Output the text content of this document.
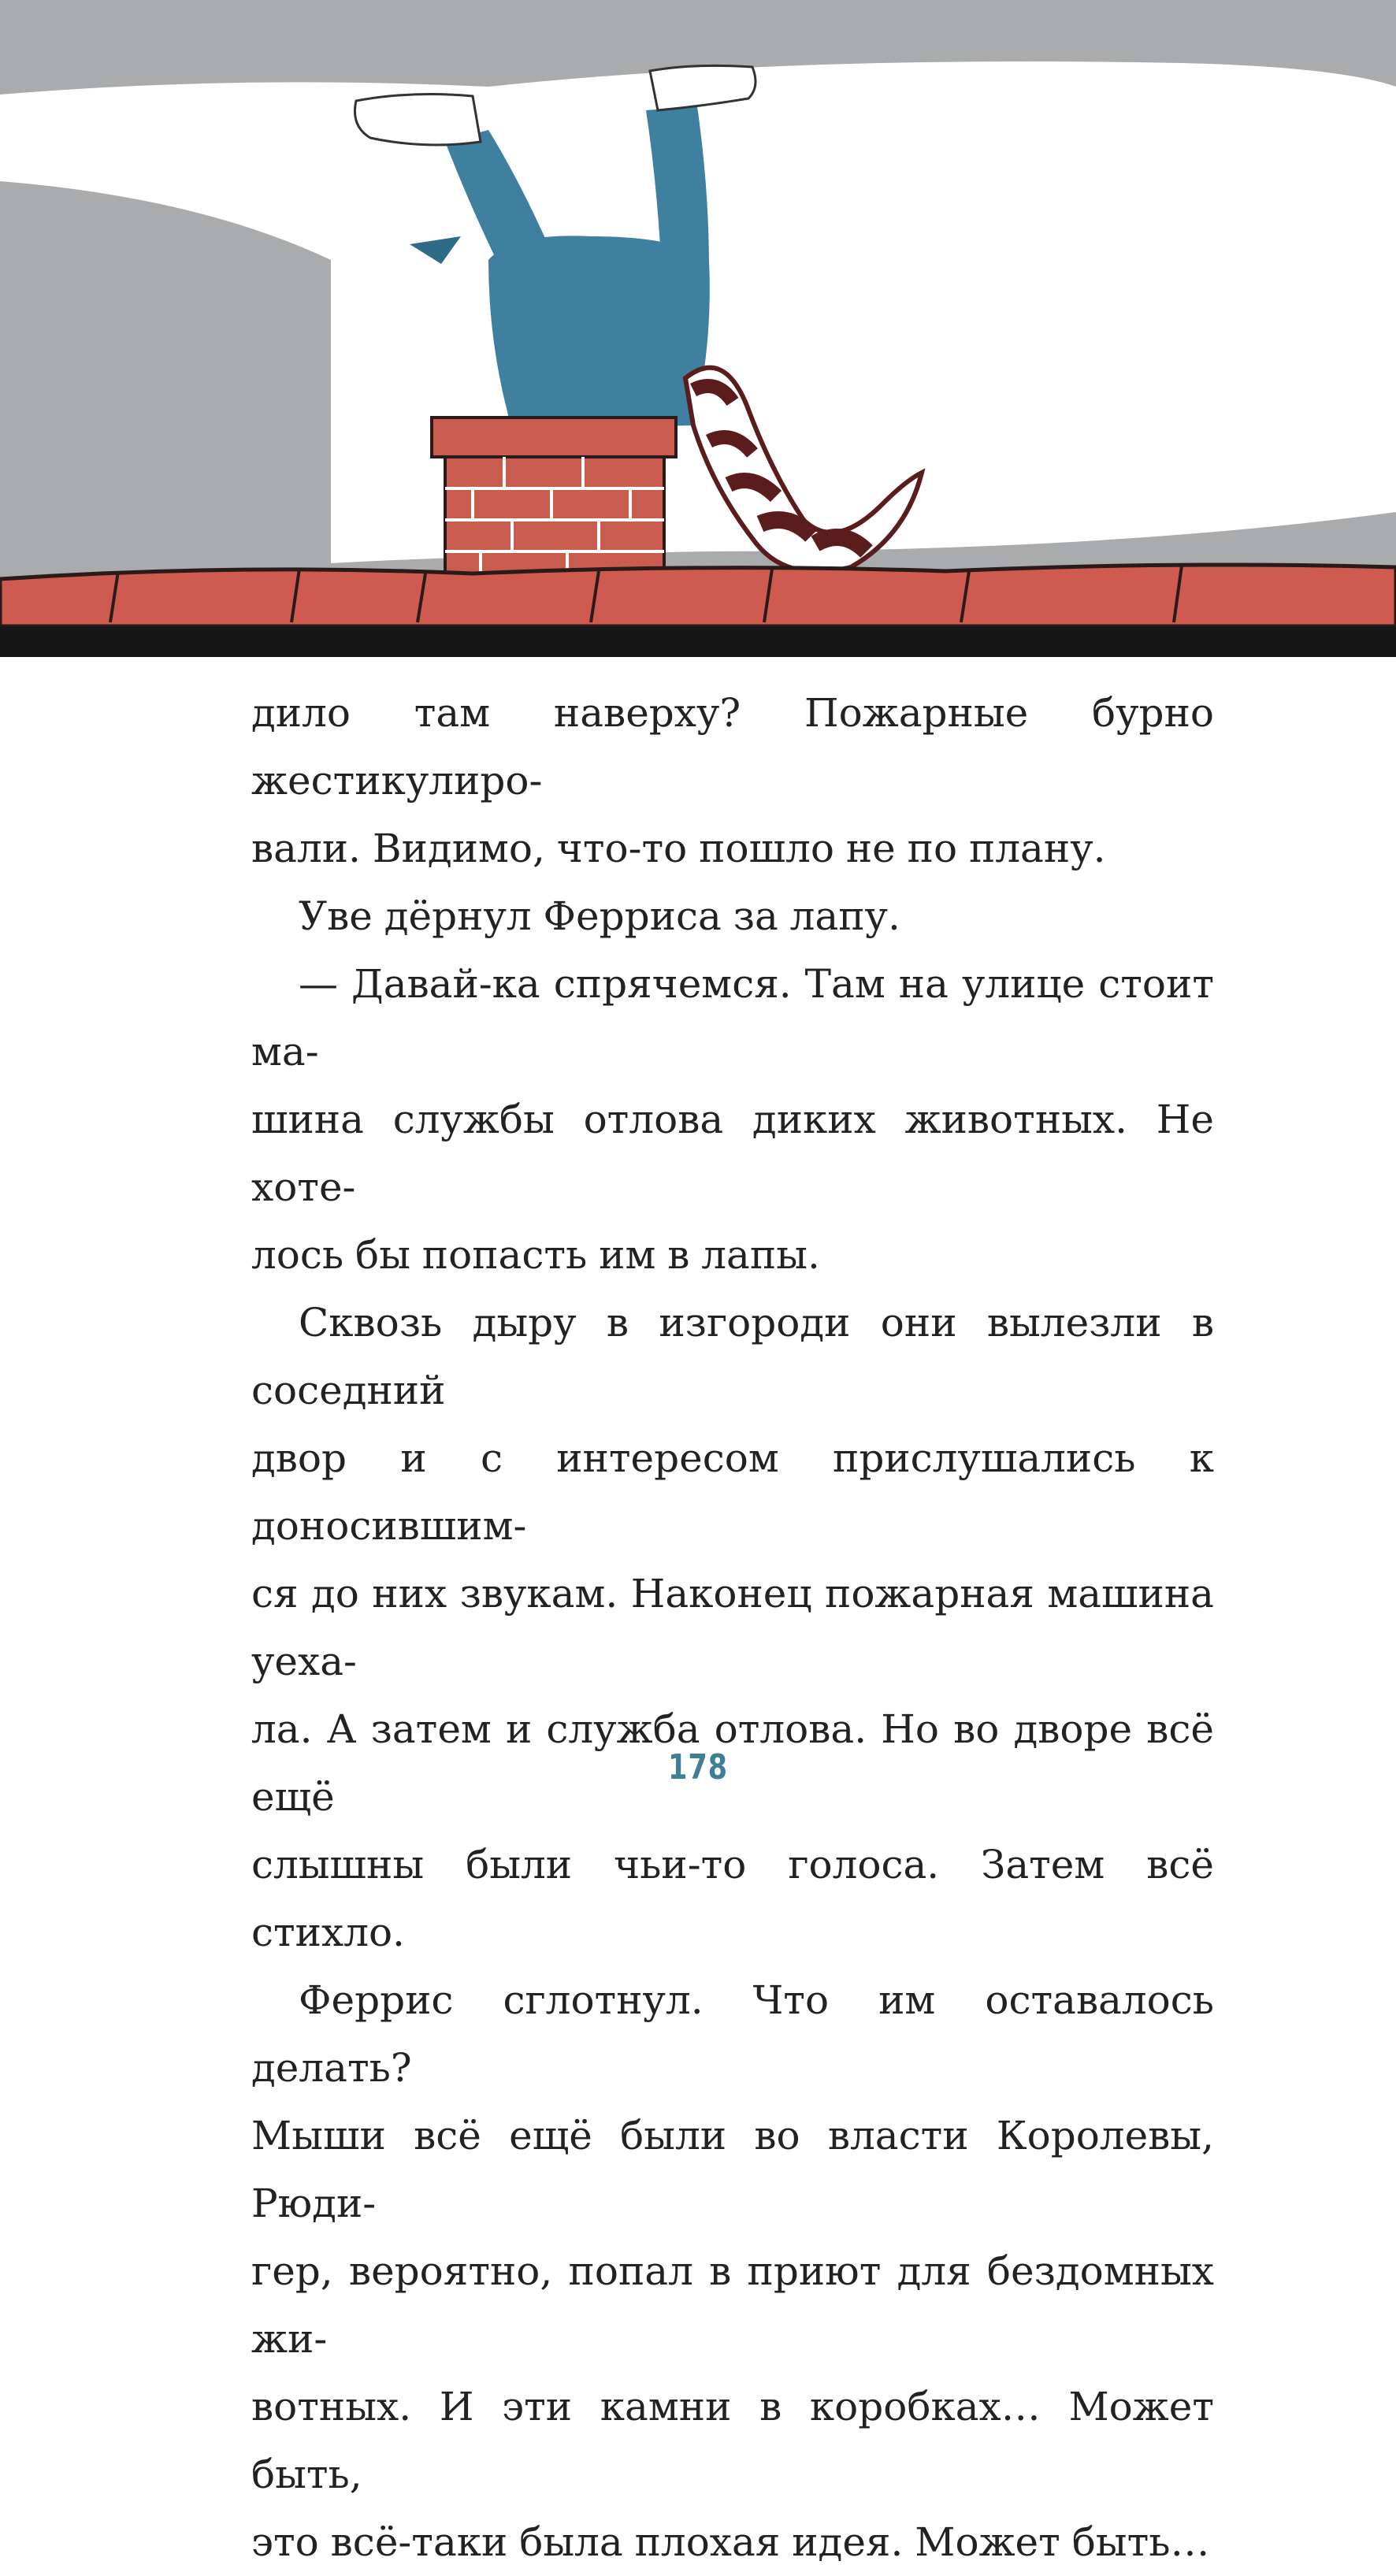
дило там наверху? Пожарные бурно жестикулиро-
вали. Видимо, что-то пошло не по плану.

Уве дёрнул Ферриса за лапу.

— Давай-ка спрячемся. Там на улице стоит ма-
шина службы отлова диких животных. Не хоте-
лось бы попасть им в лапы.

Сквозь дыру в изгороди они вылезли в соседний
двор и с интересом прислушались к доносившим-
ся до них звукам. Наконец пожарная машина уеха-
ла. А затем и служба отлова. Но во дворе всё ещё
слышны были чьи-то голоса. Затем всё стихло.

Феррис сглотнул. Что им оставалось делать?
Мыши всё ещё были во власти Королевы, Рюди-
гер, вероятно, попал в приют для бездомных жи-
вотных. И эти камни в коробках… Может быть,
это всё-таки была плохая идея. Может быть…

178
